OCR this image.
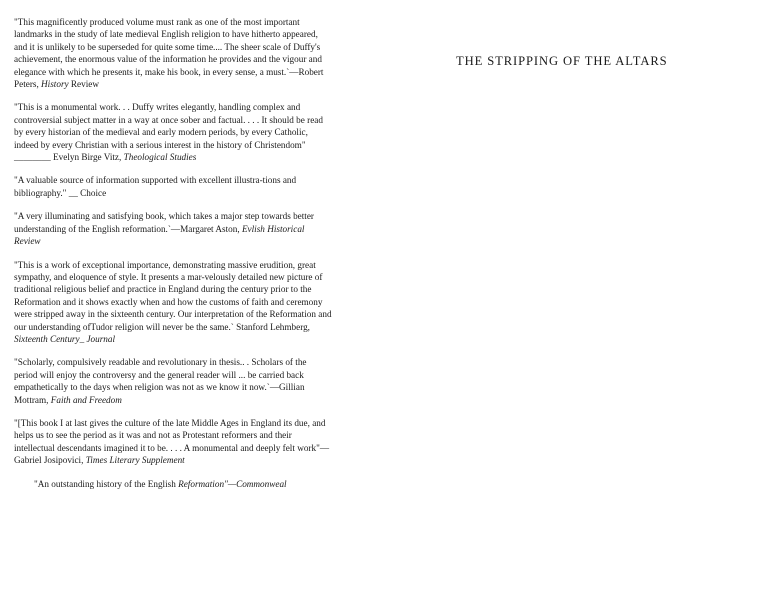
"This magnificently produced volume must rank as one of the most important landmarks in the study of late medieval English religion to have hitherto appeared, and it is unlikely to be superseded for quite some time.... The sheer scale of Duffy's achievement, the enormous value of the information he provides and the vigour and elegance with which he presents it, make his book, in every sense, a must.ˋ—Robert Peters, History Review

"This is a monumental work. . . Duffy writes elegantly, handling complex and controversial subject matter in a way at once sober and factual. . . . It should be read by every historian of the medieval and early modern periods, by every Catholic, indeed by every Christian with a serious interest in the history of Christendom" ________ Evelyn Birge Vitz, Theological Studies

"A valuable source of information supported with excellent illustra-tions and bibliography." __ Choice

"A very illuminating and satisfying book, which takes a major step towards better understanding of the English reformation.ˋ—Margaret Aston, Evlish Historical Review

"This is a work of exceptional importance, demonstrating massive erudition, great sympathy, and eloquence of style. It presents a mar-velously detailed new picture of traditional religious belief and practice in England during the century prior to the Reformation and it shows exactly when and how the customs of faith and ceremony were stripped away in the sixteenth century. Our interpretation of the Reformation and our understanding ofTudor religion will never be the same.ˋ Stanford Lehmberg, Sixteenth Century_ Journal

"Scholarly, compulsively readable and revolutionary in thesis.. . Scholars of the period will enjoy the controversy and the general reader will ... be carried back empathetically to the days when religion was not as we know it now.ˋ—Gillian Mottram, Faith and Freedom

"[This book I at last gives the culture of the late Middle Ages in England its due, and helps us to see the period as it was and not as Protestant reformers and their intellectual descendants imagined it to be. . . . A monumental and deeply felt work"—Gabriel Josipovici, Times Literary Supplement

"An outstanding history of the English Reformation"—Commonweal

THE STRIPPING OF THE ALTARS
